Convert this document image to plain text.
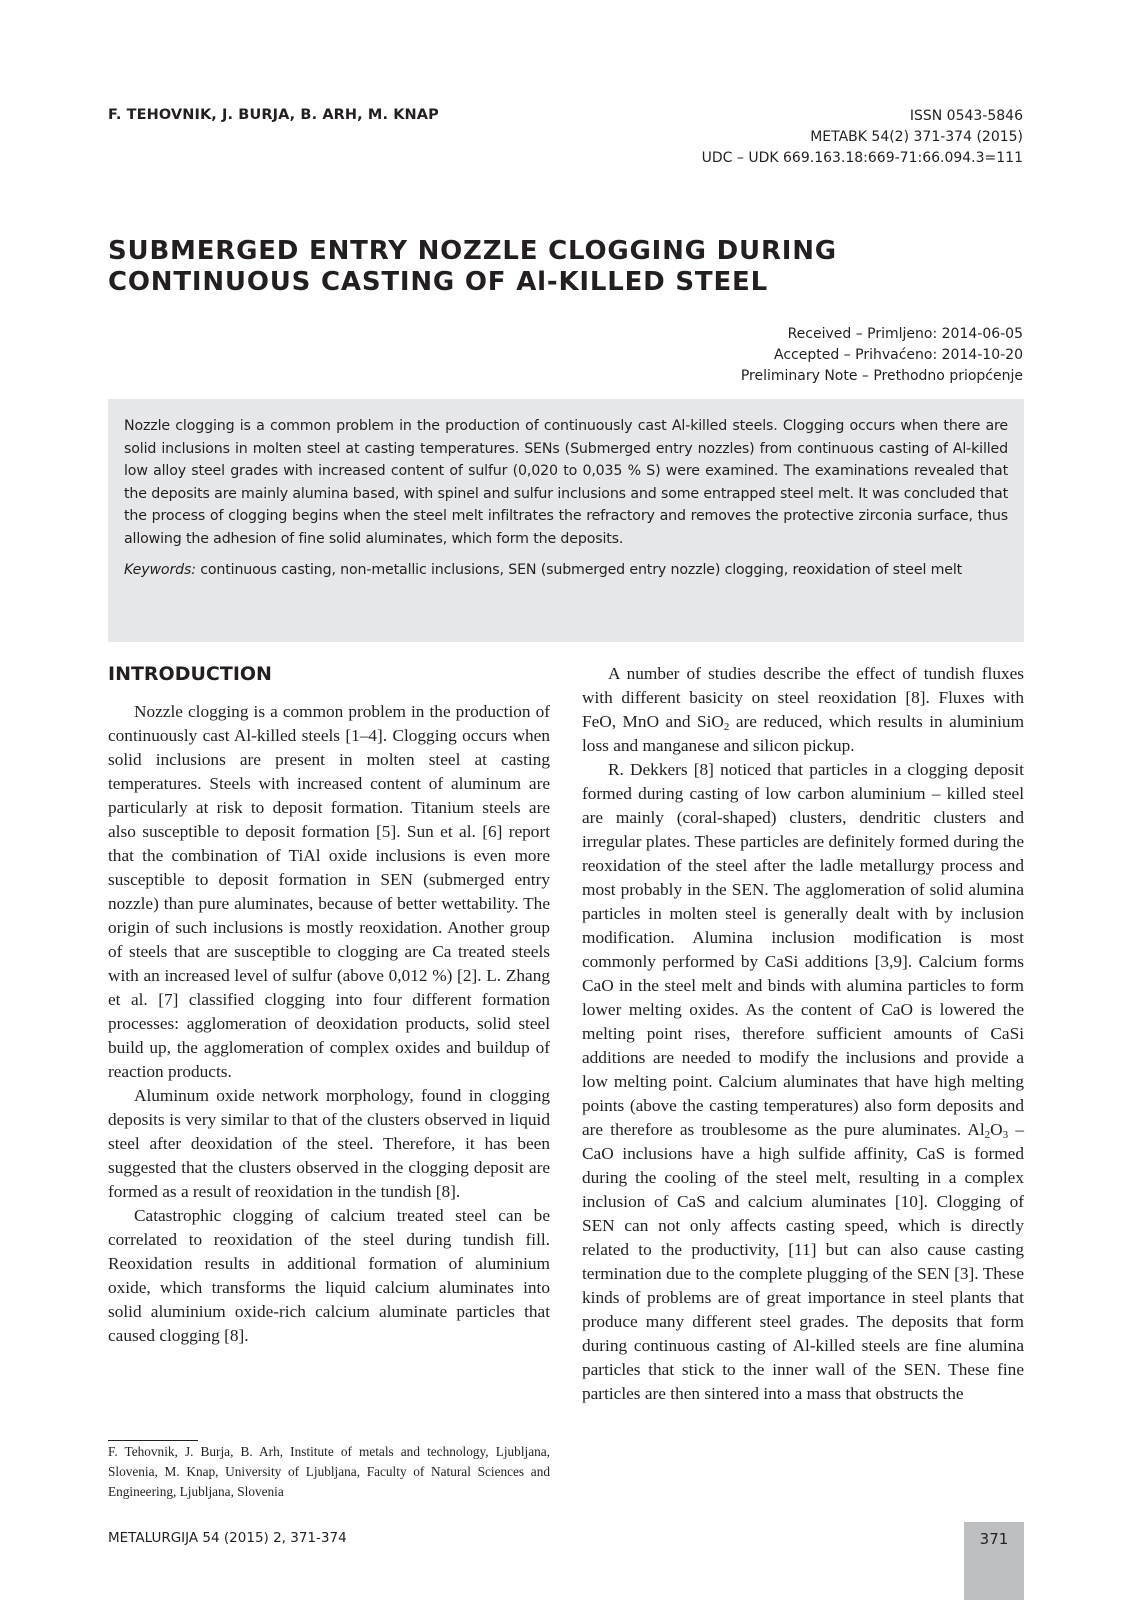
F. TEHOVNIK, J. BURJA, B. ARH, M. KNAP	ISSN 0543-5846
METABK 54(2) 371-374 (2015)
UDC – UDK 669.163.18:669-71:66.094.3=111
SUBMERGED ENTRY NOZZLE CLOGGING DURING
CONTINUOUS CASTING OF Al-KILLED STEEL
Received – Primljeno: 2014-06-05
Accepted – Prihvaćeno: 2014-10-20
Preliminary Note – Prethodno priopćenje

Nozzle clogging is a common problem in the production of continuously cast Al-killed steels. Clogging occurs when there are solid inclusions in molten steel at casting temperatures. SENs (Submerged entry nozzles) from continuous casting of Al-killed low alloy steel grades with increased content of sulfur (0,020 to 0,035 % S) were examined. The examinations revealed that the deposits are mainly alumina based, with spinel and sulfur inclusions and some entrapped steel melt. It was concluded that the process of clogging begins when the steel melt infiltrates the refractory and removes the protective zirconia surface, thus allowing the adhesion of fine solid aluminates, which form the deposits.

Keywords: continuous casting, non-metallic inclusions, SEN (submerged entry nozzle) clogging, reoxidation of steel melt

INTRODUCTION

Nozzle clogging is a common problem in the production of continuously cast Al-killed steels [1–4]. Clogging occurs when solid inclusions are present in molten steel at casting temperatures. Steels with increased content of aluminum are particularly at risk to deposit formation. Titanium steels are also susceptible to deposit formation [5]. Sun et al. [6] report that the combination of TiAl oxide inclusions is even more susceptible to deposit formation in SEN (submerged entry nozzle) than pure aluminates, because of better wettability. The origin of such inclusions is mostly reoxidation. Another group of steels that are susceptible to clogging are Ca treated steels with an increased level of sulfur (above 0,012 %) [2]. L. Zhang et al. [7] classified clogging into four different formation processes: agglomeration of deoxidation products, solid steel build up, the agglomeration of complex oxides and buildup of reaction products.

Aluminum oxide network morphology, found in clogging deposits is very similar to that of the clusters observed in liquid steel after deoxidation of the steel. Therefore, it has been suggested that the clusters observed in the clogging deposit are formed as a result of reoxidation in the tundish [8].

Catastrophic clogging of calcium treated steel can be correlated to reoxidation of the steel during tundish fill. Reoxidation results in additional formation of aluminium oxide, which transforms the liquid calcium aluminates into solid aluminium oxide-rich calcium aluminate particles that caused clogging [8].

A number of studies describe the effect of tundish fluxes with different basicity on steel reoxidation [8]. Fluxes with FeO, MnO and SiO$_2$ are reduced, which results in aluminium loss and manganese and silicon pickup.

R. Dekkers [8] noticed that particles in a clogging deposit formed during casting of low carbon aluminium – killed steel are mainly (coral-shaped) clusters, dendritic clusters and irregular plates. These particles are definitely formed during the reoxidation of the steel after the ladle metallurgy process and most probably in the SEN. The agglomeration of solid alumina particles in molten steel is generally dealt with by inclusion modification. Alumina inclusion modification is most commonly performed by CaSi additions [3,9]. Calcium forms CaO in the steel melt and binds with alumina particles to form lower melting oxides. As the content of CaO is lowered the melting point rises, therefore sufficient amounts of CaSi additions are needed to modify the inclusions and provide a low melting point. Calcium aluminates that have high melting points (above the casting temperatures) also form deposits and are therefore as troublesome as the pure aluminates. $Al_2O_3$ – CaO inclusions have a high sulfide affinity, CaS is formed during the cooling of the steel melt, resulting in a complex inclusion of CaS and calcium aluminates [10]. Clogging of SEN can not only affects casting speed, which is directly related to the productivity, [11] but can also cause casting termination due to the complete plugging of the SEN [3]. These kinds of problems are of great importance in steel plants that produce many different steel grades. The deposits that form during continuous casting of Al-killed steels are fine alumina particles that stick to the inner wall of the SEN. These fine particles are then sintered into a mass that obstructs the

F. Tehovnik, J. Burja, B. Arh, Institute of metals and technology, Ljubljana, Slovenia, M. Knap, University of Ljubljana, Faculty of Natural Sciences and Engineering, Ljubljana, Slovenia
METALURGIJA 54 (2015) 2, 371-374	371
